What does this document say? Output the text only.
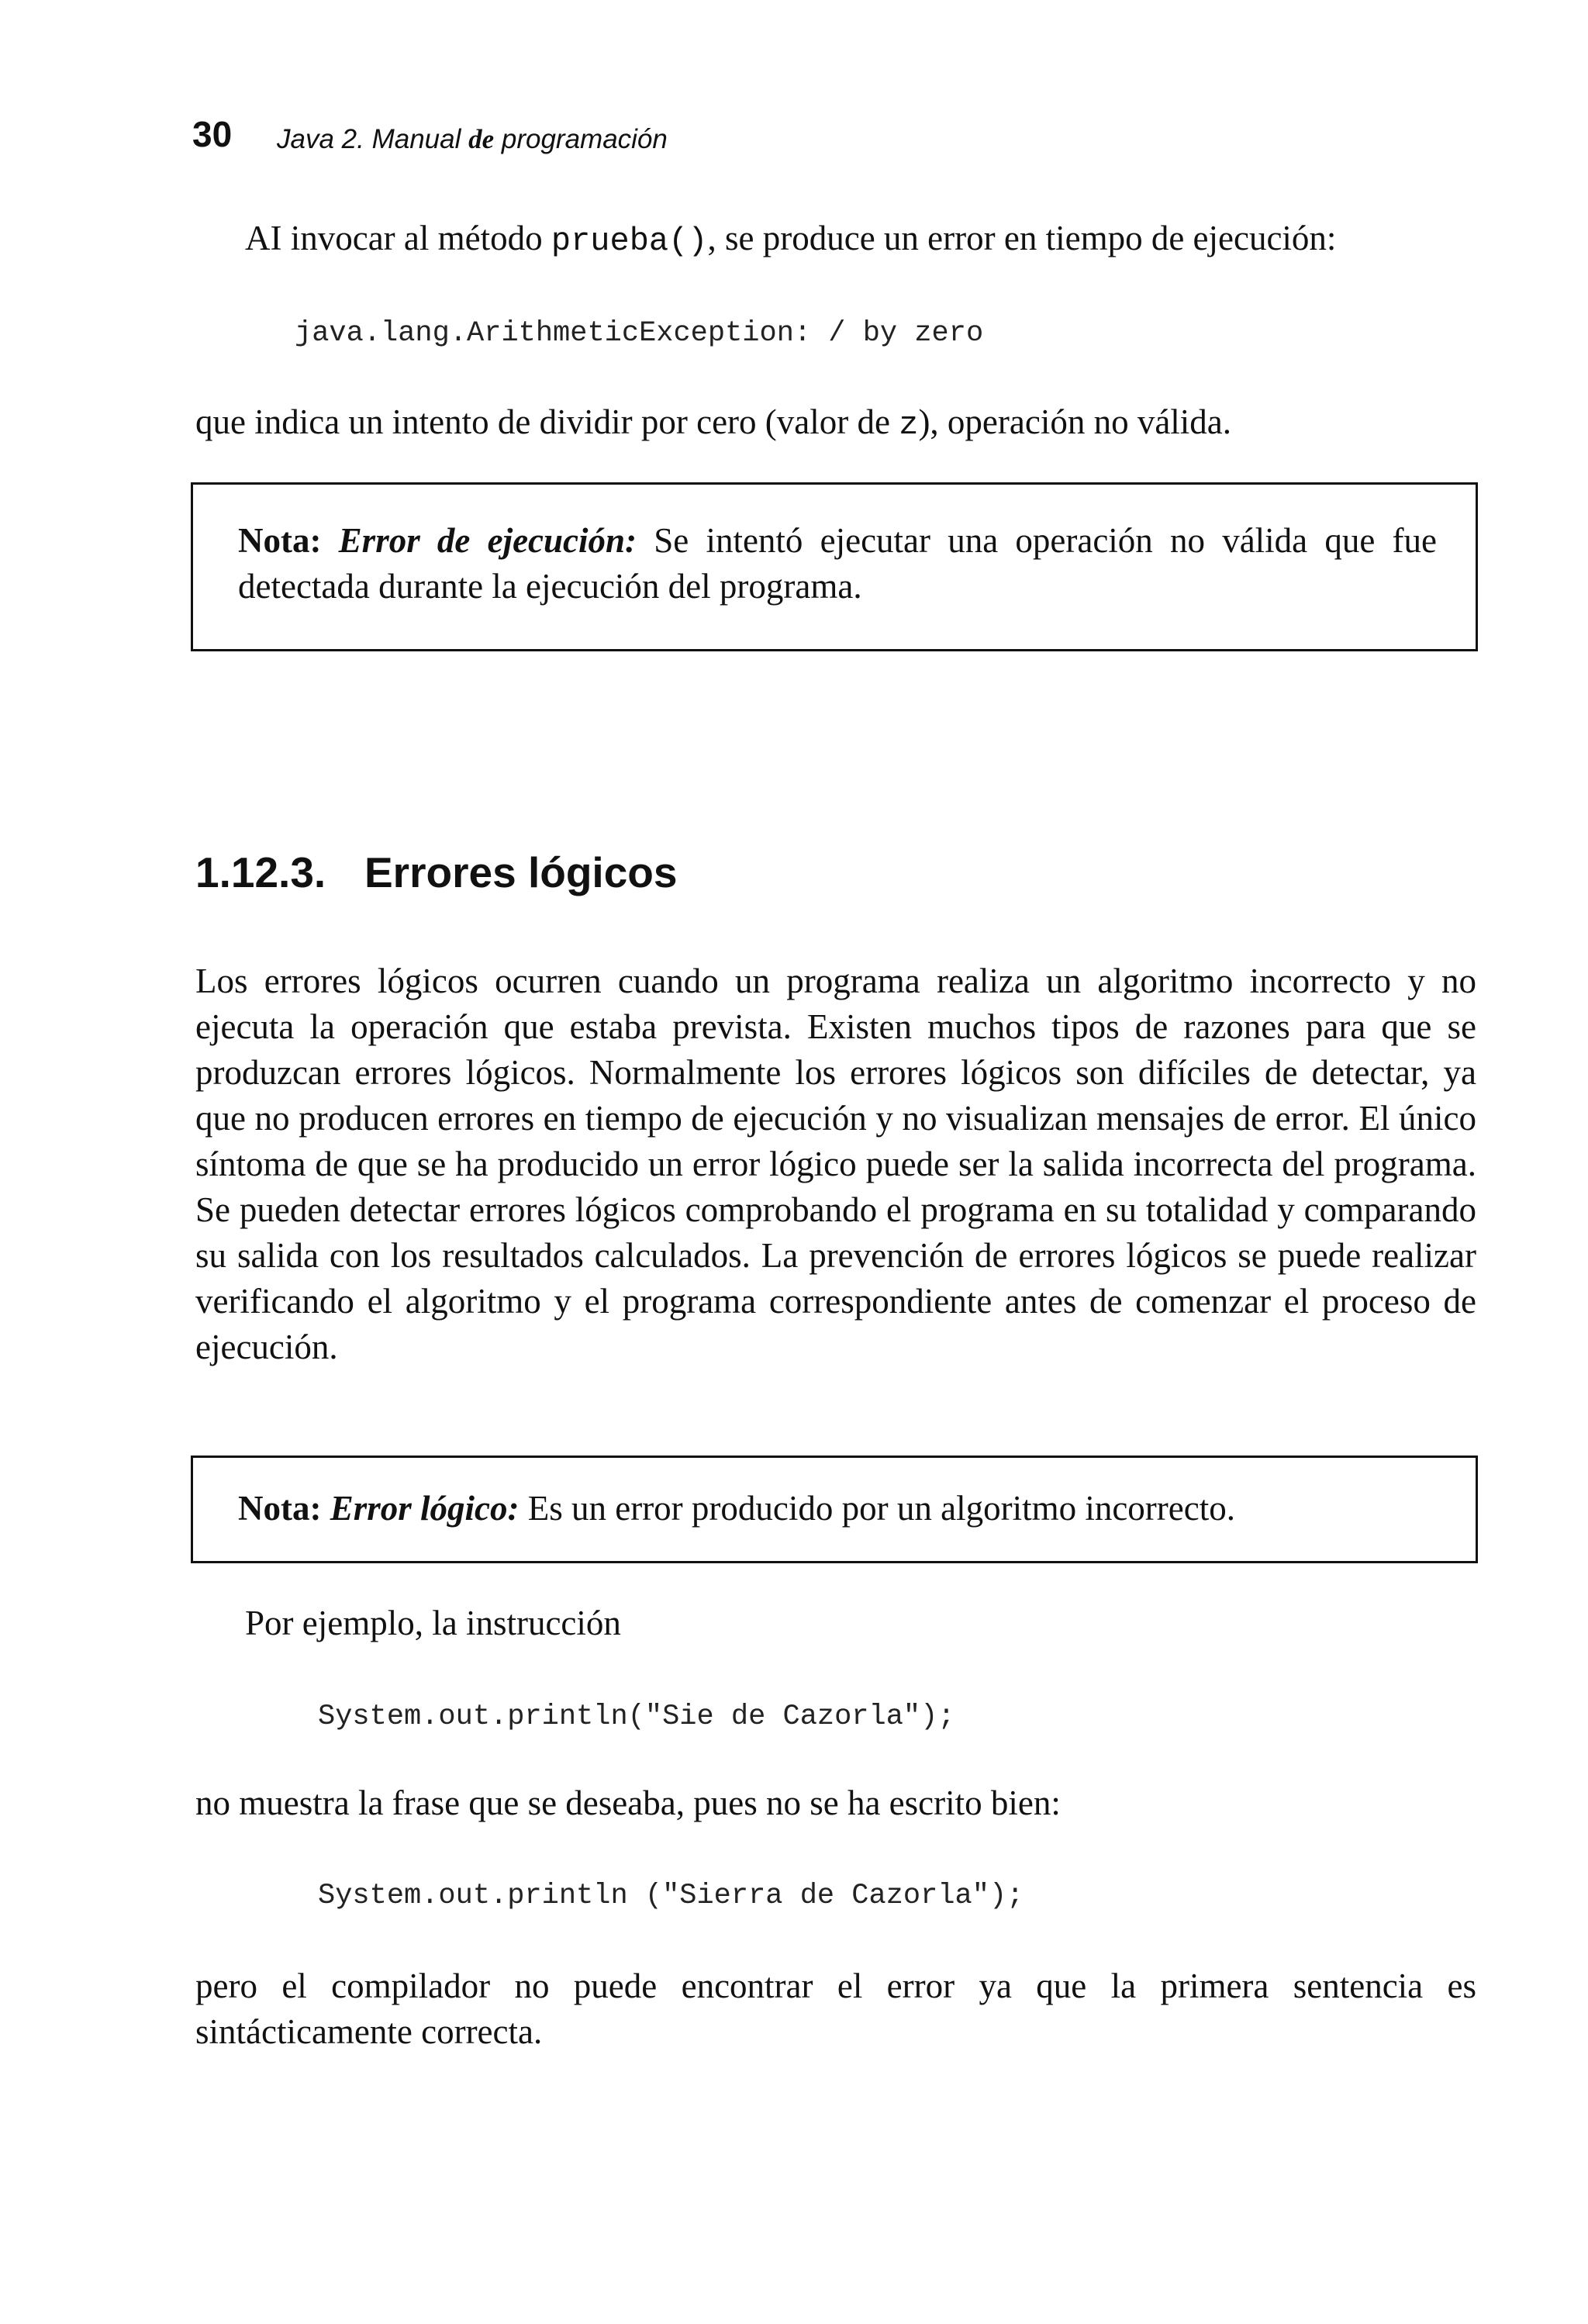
30 Java 2. Manual de programación
AI invocar al método prueba(), se produce un error en tiempo de ejecución:
java.lang.ArithmeticException: / by zero
que indica un intento de dividir por cero (valor de z), operación no válida.
Nota: Error de ejecución: Se intentó ejecutar una operación no válida que fue detectada durante la ejecución del programa.
1.12.3. Errores lógicos
Los errores lógicos ocurren cuando un programa realiza un algoritmo incorrecto y no ejecuta la operación que estaba prevista. Existen muchos tipos de razones para que se produzcan errores lógicos. Normalmente los errores lógicos son difíciles de detectar, ya que no producen errores en tiempo de ejecución y no visualizan mensajes de error. El único síntoma de que se ha producido un error lógico puede ser la salida incorrecta del programa. Se pueden detectar errores lógicos comprobando el programa en su totalidad y comparando su salida con los resultados calculados. La prevención de errores lógicos se puede realizar verificando el algoritmo y el programa correspondiente antes de comenzar el proceso de ejecución.
Nota: Error lógico: Es un error producido por un algoritmo incorrecto.
Por ejemplo, la instrucción
System.out.println("Sie de Cazorla");
no muestra la frase que se deseaba, pues no se ha escrito bien:
System.out.println ("Sierra de Cazorla");
pero el compilador no puede encontrar el error ya que la primera sentencia es sintácticamente correcta.
